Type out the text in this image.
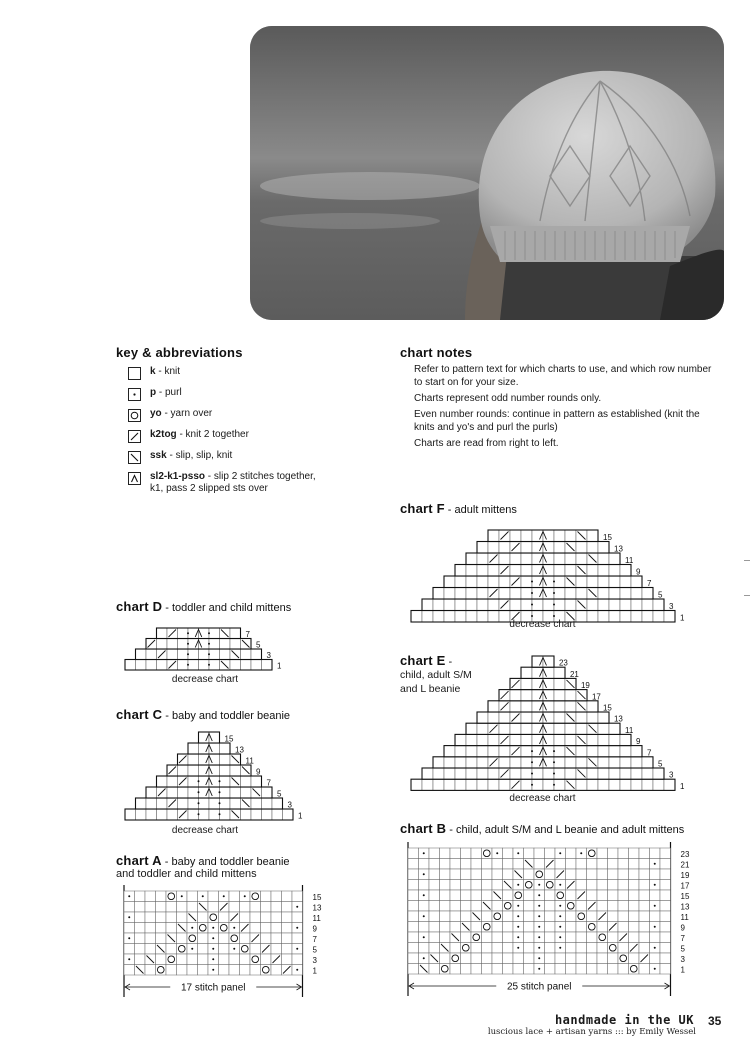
key & abbreviations
k - knit
p - purl
yo - yarn over
k2tog - knit 2 together
ssk - slip, slip, knit
sl2-k1-psso - slip 2 stitches together,
k1, pass 2 slipped sts over
chart notes

Refer to pattern text for which charts to use, and which row number to start on for your size.

Charts represent odd number rounds only.

Even number rounds: continue in pattern as established (knit the knits and yo's and purl the purls)

Charts are read from right to left.

chart F - adult mittens
1
3
5
7
9
11
13
15
decrease chart
chart D - toddler and child mittens
1
3
5
7
decrease chart
chart E -
child, adult S/M
and L beanie
1
3
5
7
9
11
13
15
17
19
21
23
decrease chart
chart C - baby and toddler beanie
1
3
5
7
9
11
13
15
decrease chart	chart B - child, adult S/M and L beanie and adult mittens
23
21
19
17
15
13
11
9
7
5
3
1
25 stitch panel
chart A - baby and toddler beanie
and toddler and child mittens
15
13
11
9
7
5
3
1
17 stitch panel
handmade in the UK
luscious lace + artisan yarns ::: by Emily Wessel
35
